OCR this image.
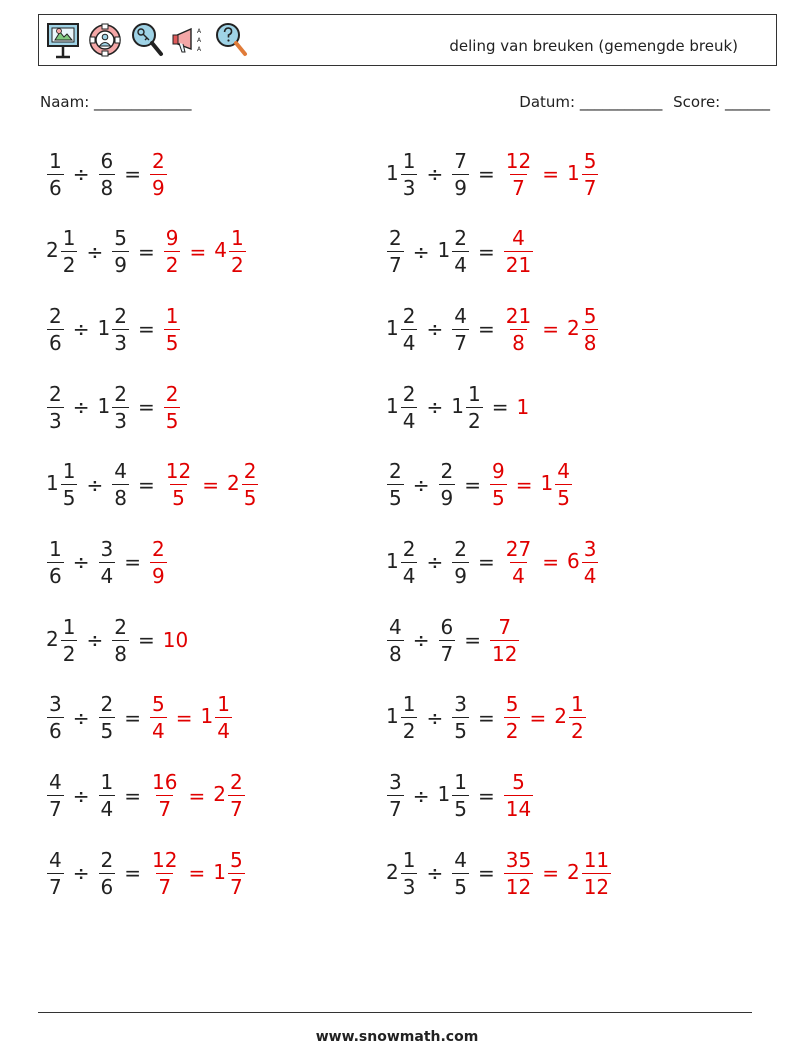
A
A
A	deling van breuken (gemengde breuk)
Naam: _____________	Datum: ___________ Score: ______
$\frac{1}{6} \div \frac{6}{8} = \frac{2}{9}$	$1 \frac{1}{3} \div \frac{7}{9} = \frac{12}{7} = 1 \frac{5}{7}$
$2 \frac{1}{2} \div \frac{5}{9} = \frac{9}{2} = 4 \frac{1}{2}$	$\frac{2}{7} \div 1 \frac{2}{4} = \frac{4}{21}$
$\frac{2}{6} \div 1 \frac{2}{3} = \frac{1}{5}$	$1 \frac{2}{4} \div \frac{4}{7} = \frac{21}{8} = 2 \frac{5}{8}$
$\frac{2}{3} \div 1 \frac{2}{3} = \frac{2}{5}$	$1 \frac{2}{4} \div 1 \frac{1}{2} = 1$
$1 \frac{1}{5} \div \frac{4}{8} = \frac{12}{5} = 2 \frac{2}{5}$	$\frac{2}{5} \div \frac{2}{9} = \frac{9}{5} = 1 \frac{4}{5}$
$\frac{1}{6} \div \frac{3}{4} = \frac{2}{9}$	$1 \frac{2}{4} \div \frac{2}{9} = \frac{27}{4} = 6 \frac{3}{4}$
$2 \frac{1}{2} \div \frac{2}{8} = 10$	$\frac{4}{8} \div \frac{6}{7} = \frac{7}{12}$
$\frac{3}{6} \div \frac{2}{5} = \frac{5}{4} = 1 \frac{1}{4}$	$1 \frac{1}{2} \div \frac{3}{5} = \frac{5}{2} = 2 \frac{1}{2}$
$\frac{4}{7} \div \frac{1}{4} = \frac{16}{7} = 2 \frac{2}{7}$	$\frac{3}{7} \div 1 \frac{1}{5} = \frac{5}{14}$
$\frac{4}{7} \div \frac{2}{6} = \frac{12}{7} = 1 \frac{5}{7}$	$2 \frac{1}{3} \div \frac{4}{5} = \frac{35}{12} = 2 \frac{11}{12}$
www.snowmath.com
